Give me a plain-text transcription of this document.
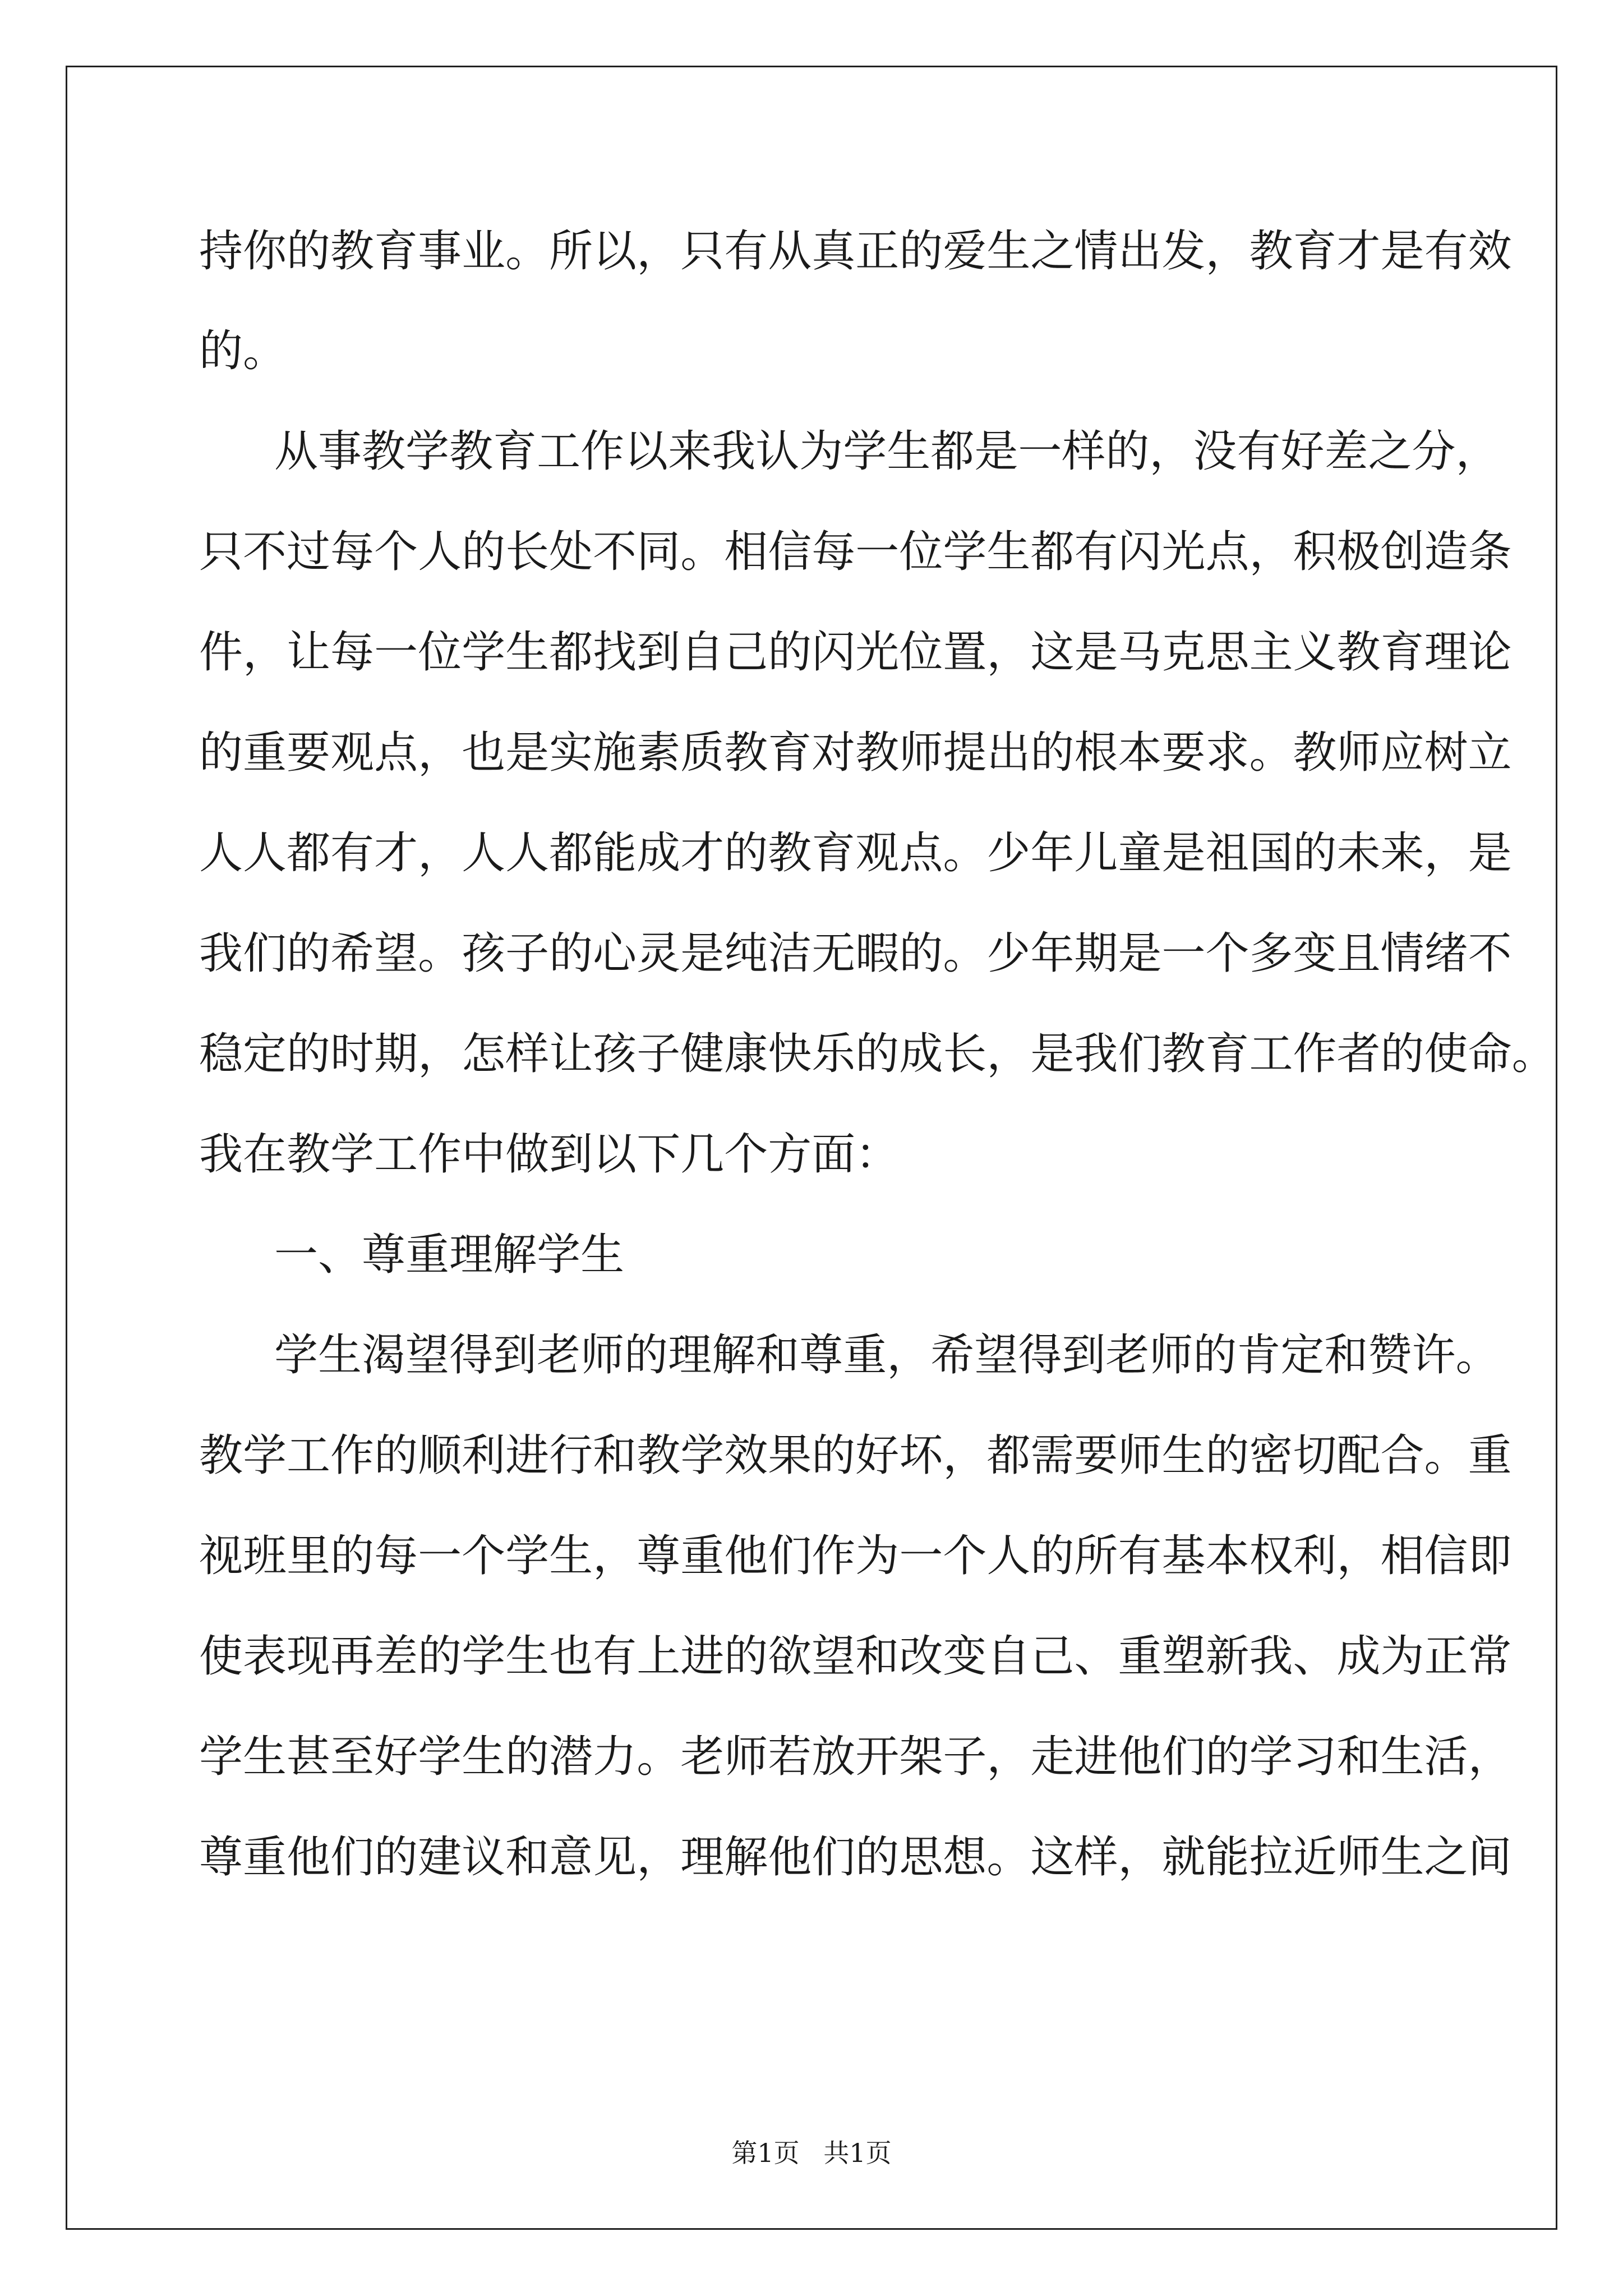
持你的教育事业。所以，只有从真正的爱生之情出发，教育才是有效
的。
从事教学教育工作以来我认为学生都是一样的，没有好差之分，
只不过每个人的长处不同。相信每一位学生都有闪光点，积极创造条
件，让每一位学生都找到自己的闪光位置，这是马克思主义教育理论
的重要观点，也是实施素质教育对教师提出的根本要求。教师应树立
人人都有才，人人都能成才的教育观点。少年儿童是祖国的未来，是
我们的希望。孩子的心灵是纯洁无暇的。少年期是一个多变且情绪不
稳定的时期，怎样让孩子健康快乐的成长，是我们教育工作者的使命。
我在教学工作中做到以下几个方面：
一、尊重理解学生
学生渴望得到老师的理解和尊重，希望得到老师的肯定和赞许。
教学工作的顺利进行和教学效果的好坏，都需要师生的密切配合。重
视班里的每一个学生，尊重他们作为一个人的所有基本权利，相信即
使表现再差的学生也有上进的欲望和改变自己、重塑新我、成为正常
学生甚至好学生的潜力。老师若放开架子，走进他们的学习和生活，
尊重他们的建议和意见，理解他们的思想。这样，就能拉近师生之间
第1页 共1页
